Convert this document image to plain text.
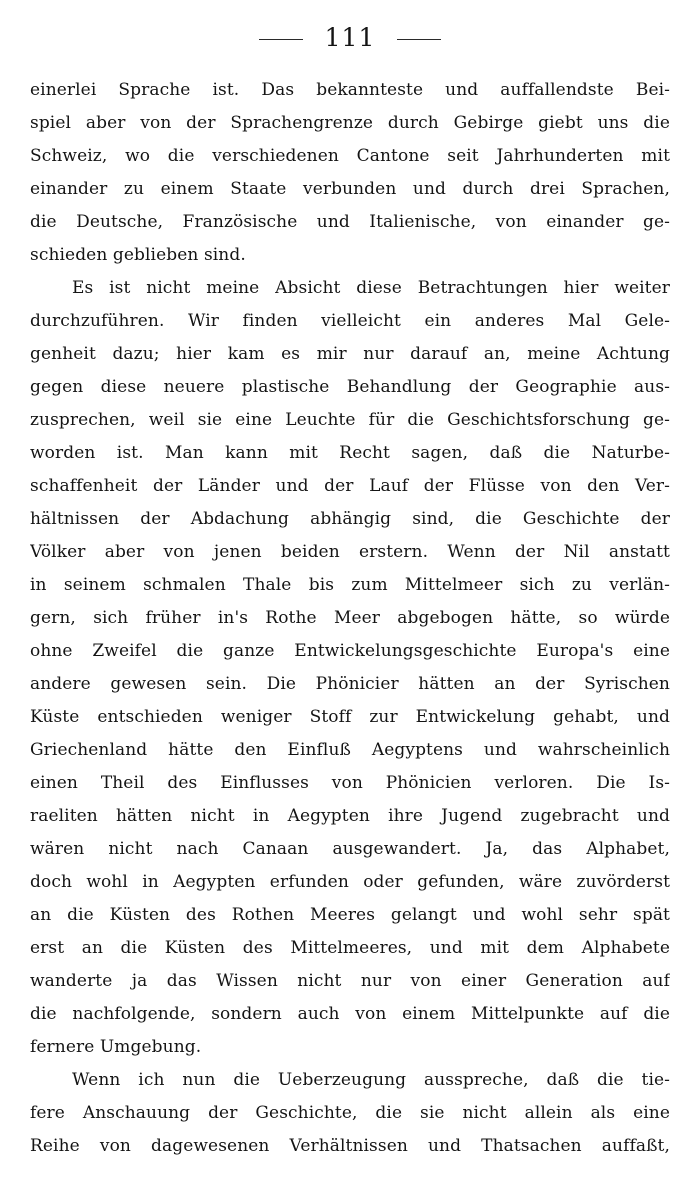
111
einerlei Sprache ist. Das bekannteste und auffallendste Bei-
spiel aber von der Sprachengrenze durch Gebirge giebt uns die
Schweiz, wo die verschiedenen Cantone seit Jahrhunderten mit
einander zu einem Staate verbunden und durch drei Sprachen,
die Deutsche, Französische und Italienische, von einander ge-
schieden geblieben sind.
Es ist nicht meine Absicht diese Betrachtungen hier weiter
durchzuführen. Wir finden vielleicht ein anderes Mal Gele-
genheit dazu; hier kam es mir nur darauf an, meine Achtung
gegen diese neuere plastische Behandlung der Geographie aus-
zusprechen, weil sie eine Leuchte für die Geschichtsforschung ge-
worden ist. Man kann mit Recht sagen, daß die Naturbe-
schaffenheit der Länder und der Lauf der Flüsse von den Ver-
hältnissen der Abdachung abhängig sind, die Geschichte der
Völker aber von jenen beiden erstern. Wenn der Nil anstatt
in seinem schmalen Thale bis zum Mittelmeer sich zu verlän-
gern, sich früher in's Rothe Meer abgebogen hätte, so würde
ohne Zweifel die ganze Entwickelungsgeschichte Europa's eine
andere gewesen sein. Die Phönicier hätten an der Syrischen
Küste entschieden weniger Stoff zur Entwickelung gehabt, und
Griechenland hätte den Einfluß Aegyptens und wahrscheinlich
einen Theil des Einflusses von Phönicien verloren. Die Is-
raeliten hätten nicht in Aegypten ihre Jugend zugebracht und
wären nicht nach Canaan ausgewandert. Ja, das Alphabet,
doch wohl in Aegypten erfunden oder gefunden, wäre zuvörderst
an die Küsten des Rothen Meeres gelangt und wohl sehr spät
erst an die Küsten des Mittelmeeres, und mit dem Alphabete
wanderte ja das Wissen nicht nur von einer Generation auf
die nachfolgende, sondern auch von einem Mittelpunkte auf die
fernere Umgebung.
Wenn ich nun die Ueberzeugung ausspreche, daß die tie-
fere Anschauung der Geschichte, die sie nicht allein als eine
Reihe von dagewesenen Verhältnissen und Thatsachen auffaßt,
